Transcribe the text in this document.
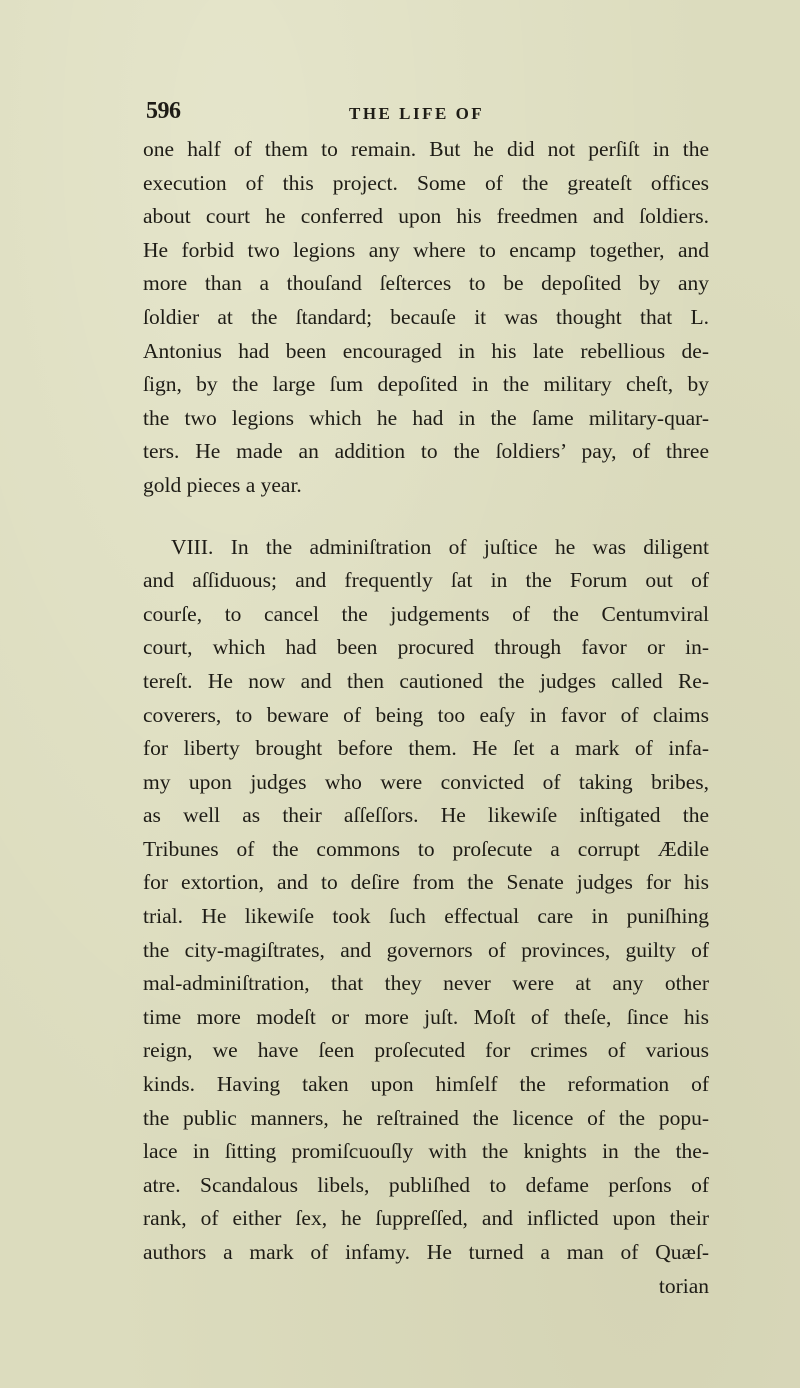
596	THE LIFE OF
one half of them to remain. But he did not perſiſt in the
execution of this project. Some of the greateſt offices
about court he conferred upon his freedmen and ſoldiers.
He forbid two legions any where to encamp together, and
more than a thouſand ſeſterces to be depoſited by any
ſoldier at the ſtandard; becauſe it was thought that L.
Antonius had been encouraged in his late rebellious de-
ſign, by the large ſum depoſited in the military cheſt, by
the two legions which he had in the ſame military-quar-
ters. He made an addition to the ſoldiers’ pay, of three
gold pieces a year.
VIII. In the adminiſtration of juſtice he was diligent
and aſſiduous; and frequently ſat in the Forum out of
courſe, to cancel the judgements of the Centumviral
court, which had been procured through favor or in-
tereſt. He now and then cautioned the judges called Re-
coverers, to beware of being too eaſy in favor of claims
for liberty brought before them. He ſet a mark of infa-
my upon judges who were convicted of taking bribes,
as well as their aſſeſſors. He likewiſe inſtigated the
Tribunes of the commons to proſecute a corrupt Ædile
for extortion, and to deſire from the Senate judges for his
trial. He likewiſe took ſuch effectual care in puniſhing
the city-magiſtrates, and governors of provinces, guilty of
mal-adminiſtration, that they never were at any other
time more modeſt or more juſt. Moſt of theſe, ſince his
reign, we have ſeen proſecuted for crimes of various
kinds. Having taken upon himſelf the reformation of
the public manners, he reſtrained the licence of the popu-
lace in ſitting promiſcuouſly with the knights in the the-
atre. Scandalous libels, publiſhed to defame perſons of
rank, of either ſex, he ſuppreſſed, and inflicted upon their
authors a mark of infamy. He turned a man of Quæſ-
torian
